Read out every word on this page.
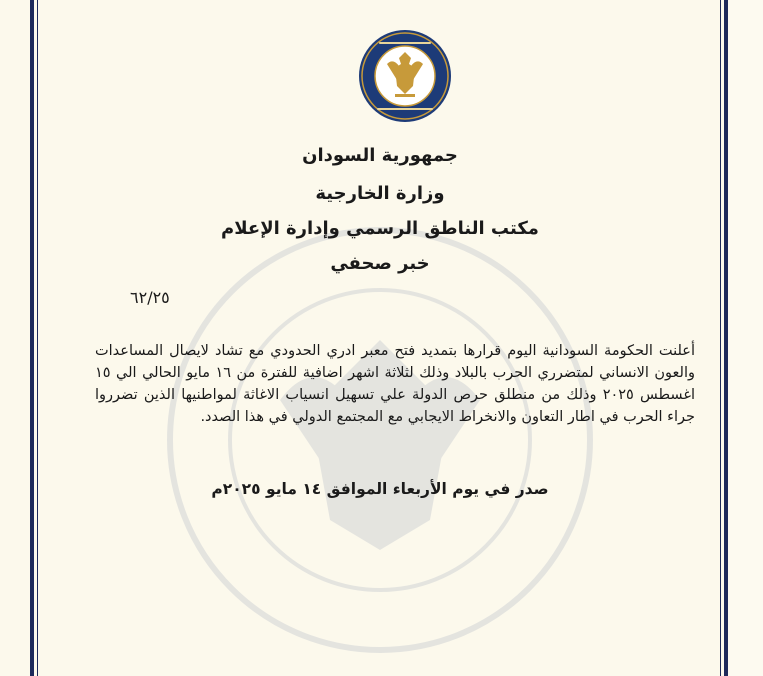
جمهورية السودان
وزارة الخارجية
مكتب الناطق الرسمي وإدارة الإعلام
خبر صحفي
٦٢/٢٥
أعلنت الحكومة السودانية اليوم قرارها بتمديد فتح معبر ادري الحدودي مع تشاد لايصال المساعدات والعون الانساني لمتضرري الحرب بالبلاد وذلك لثلاثة اشهر اضافية للفترة من ١٦ مايو الحالي الي ١٥ اغسطس ٢٠٢٥ وذلك من منطلق حرص الدولة علي تسهيل انسياب الاغاثة لمواطنيها الذين تضرروا جراء الحرب في اطار التعاون والانخراط الايجابي مع المجتمع الدولي في هذا الصدد.
صدر في يوم الأربعاء الموافق ١٤ مايو ٢٠٢٥م
